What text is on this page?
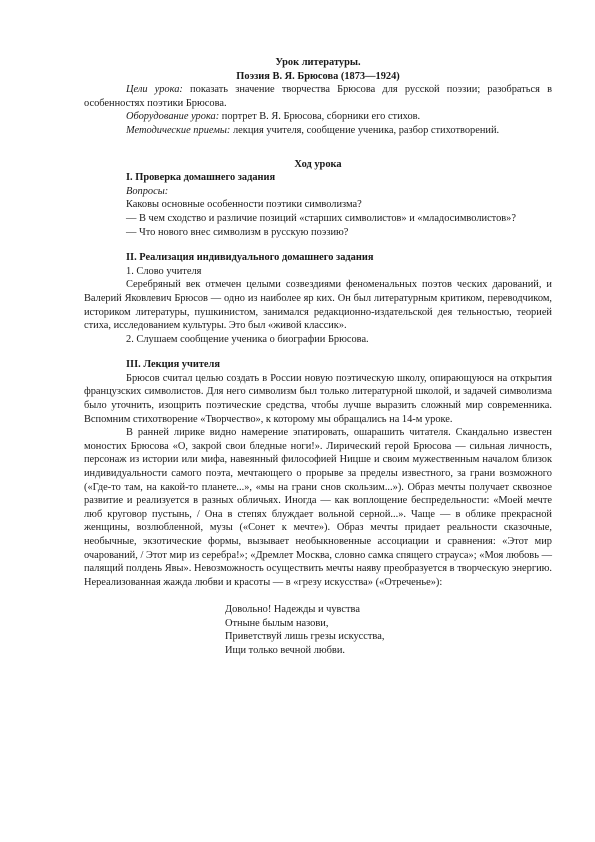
Урок литературы.
Поэзия В. Я. Брюсова (1873—1924)

Цели урока: показать значение творчества Брюсова для русской поэзии; разобраться в особенностях поэтики Брюсова.

Оборудование урока: портрет В. Я. Брюсова, сборники его стихов.

Методические приемы: лекция учителя, сообщение ученика, разбор стихотворений.

Ход урока

I. Проверка домашнего задания

Вопросы:

Каковы основные особенности поэтики символизма?

— В чем сходство и различие позиций «старших символистов» и «младосимволистов»?

— Что нового внес символизм в русскую поэзию?

II. Реализация индивидуального домашнего задания

1. Слово учителя

Серебряный век отмечен целыми созвездиями феноменальных поэтов ческих дарований, и Валерий Яковлевич Брюсов — одно из наиболее яр ких. Он был литературным критиком, переводчиком, историком литературы, пушкинистом, занимался редакционно-издательской дея тельностью, теорией стиха, исследованием культуры. Это был «живой классик».

2. Слушаем сообщение ученика о биографии Брюсова.

III. Лекция учителя

Брюсов считал целью создать в России новую поэтическую школу, опирающуюся на открытия французских символистов. Для него символизм был только литературной школой, и задачей символизма было уточнить, изощрить поэтические средства, чтобы лучше выразить сложный мир современника. Вспомним стихотворение «Творчество», к которому мы обращались на 14-м уроке.

В ранней лирике видно намерение эпатировать, ошарашить читателя. Скандально известен моностих Брюсова «О, закрой свои бледные ноги!». Лирический герой Брюсова — сильная личность, персонаж из истории или мифа, навеянный философией Ницше и своим мужественным началом близок индивидуальности самого поэта, мечтающего о прорыве за пределы известного, за грани возможного («Где-то там, на какой-то планете...», «мы на грани снов скользим...»). Образ мечты получает сквозное развитие и реализуется в разных обличьях. Иногда — как воплощение беспредельности: «Моей мечте люб круговор пустынь, / Она в степях блуждает вольной серной...». Чаще — в облике прекрасной женщины, возлюбленной, музы («Сонет к мечте»). Образ мечты придает реальности сказочные, необычные, экзотические формы, вызывает необыкновенные ассоциации и сравнения: «Этот мир очарований, / Этот мир из серебра!»; «Дремлет Москва, словно самка спящего страуса»; «Моя любовь — палящий полдень Явы». Невозможность осуществить мечты наяву преобразуется в творческую энергию. Нереализованная жажда любви и красоты — в «грезу искусства» («Отреченье»):

Довольно! Надежды и чувства
Отныне былым назови,
Приветствуй лишь грезы искусства,
Ищи только вечной любви.
